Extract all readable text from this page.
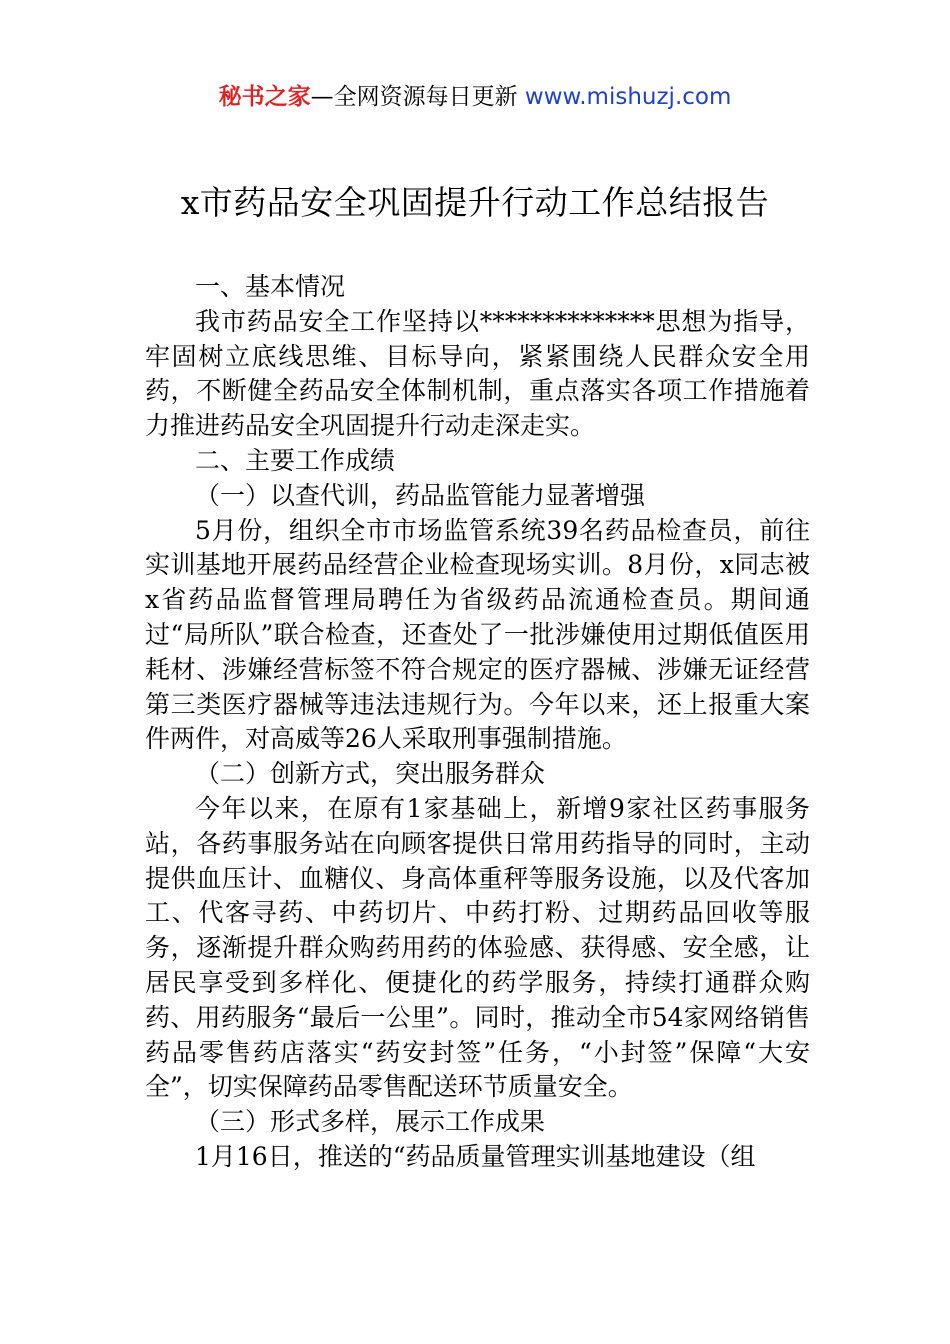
秘书之家—全网资源每日更新 www.mishuzj.com
x市药品安全巩固提升行动工作总结报告

一、基本情况

我市药品安全工作坚持以**************思想为指导，牢固树立底线思维、目标导向，紧紧围绕人民群众安全用药，不断健全药品安全体制机制，重点落实各项工作措施着力推进药品安全巩固提升行动走深走实。

二、主要工作成绩

（一）以查代训，药品监管能力显著增强

5月份，组织全市市场监管系统39名药品检查员，前往实训基地开展药品经营企业检查现场实训。8月份，x同志被x省药品监督管理局聘任为省级药品流通检查员。期间通过“局所队”联合检查，还查处了一批涉嫌使用过期低值医用耗材、涉嫌经营标签不符合规定的医疗器械、涉嫌无证经营第三类医疗器械等违法违规行为。今年以来，还上报重大案件两件，对高威等26人采取刑事强制措施。

（二）创新方式，突出服务群众

今年以来，在原有1家基础上，新增9家社区药事服务站，各药事服务站在向顾客提供日常用药指导的同时，主动提供血压计、血糖仪、身高体重秤等服务设施，以及代客加工、代客寻药、中药切片、中药打粉、过期药品回收等服务，逐渐提升群众购药用药的体验感、获得感、安全感，让居民享受到多样化、便捷化的药学服务，持续打通群众购药、用药服务“最后一公里”。同时，推动全市54家网络销售药品零售药店落实“药安封签”任务，“小封签”保障“大安全”，切实保障药品零售配送环节质量安全。

（三）形式多样，展示工作成果

1月16日，推送的“药品质量管理实训基地建设（组
